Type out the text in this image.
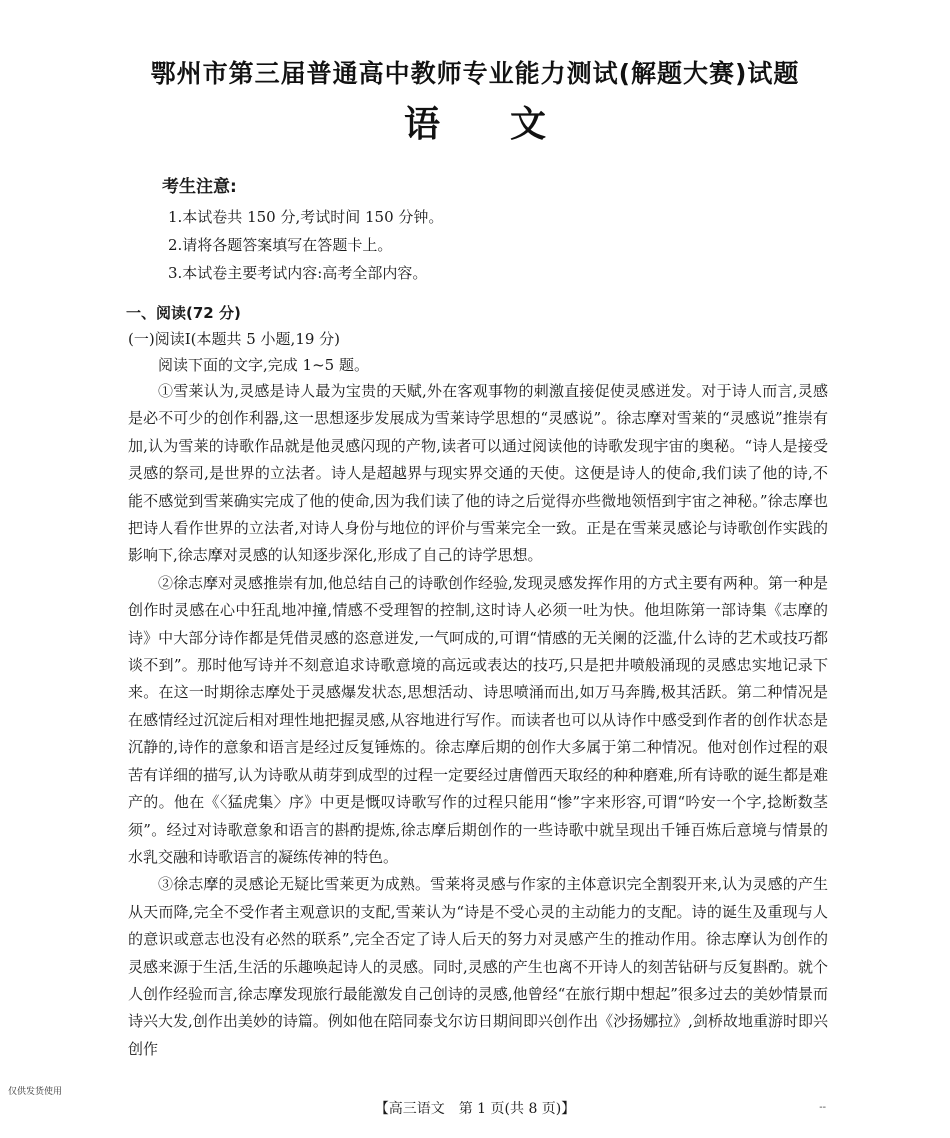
鄂州市第三届普通高中教师专业能力测试(解题大赛)试题
语文
考生注意:
1.本试卷共 150 分,考试时间 150 分钟。
2.请将各题答案填写在答题卡上。
3.本试卷主要考试内容:高考全部内容。
一、阅读(72 分)
(一)阅读Ⅰ(本题共 5 小题,19 分)
阅读下面的文字,完成 1~5 题。

①雪莱认为,灵感是诗人最为宝贵的天赋,外在客观事物的刺激直接促使灵感迸发。对于诗人而言,灵感是必不可少的创作利器,这一思想逐步发展成为雪莱诗学思想的“灵感说”。徐志摩对雪莱的“灵感说”推崇有加,认为雪莱的诗歌作品就是他灵感闪现的产物,读者可以通过阅读他的诗歌发现宇宙的奥秘。“诗人是接受灵感的祭司,是世界的立法者。诗人是超越界与现实界交通的天使。这便是诗人的使命,我们读了他的诗,不能不感觉到雪莱确实完成了他的使命,因为我们读了他的诗之后觉得亦些微地领悟到宇宙之神秘。”徐志摩也把诗人看作世界的立法者,对诗人身份与地位的评价与雪莱完全一致。正是在雪莱灵感论与诗歌创作实践的影响下,徐志摩对灵感的认知逐步深化,形成了自己的诗学思想。

②徐志摩对灵感推崇有加,他总结自己的诗歌创作经验,发现灵感发挥作用的方式主要有两种。第一种是创作时灵感在心中狂乱地冲撞,情感不受理智的控制,这时诗人必须一吐为快。他坦陈第一部诗集《志摩的诗》中大部分诗作都是凭借灵感的恣意迸发,一气呵成的,可谓“情感的无关阑的泛滥,什么诗的艺术或技巧都谈不到”。那时他写诗并不刻意追求诗歌意境的高远或表达的技巧,只是把井喷般涌现的灵感忠实地记录下来。在这一时期徐志摩处于灵感爆发状态,思想活动、诗思喷涌而出,如万马奔腾,极其活跃。第二种情况是在感情经过沉淀后相对理性地把握灵感,从容地进行写作。而读者也可以从诗作中感受到作者的创作状态是沉静的,诗作的意象和语言是经过反复锤炼的。徐志摩后期的创作大多属于第二种情况。他对创作过程的艰苦有详细的描写,认为诗歌从萌芽到成型的过程一定要经过唐僧西天取经的种种磨难,所有诗歌的诞生都是难产的。他在《〈猛虎集〉序》中更是慨叹诗歌写作的过程只能用“惨”字来形容,可谓“吟安一个字,捻断数茎须”。经过对诗歌意象和语言的斟酌提炼,徐志摩后期创作的一些诗歌中就呈现出千锤百炼后意境与情景的水乳交融和诗歌语言的凝练传神的特色。

③徐志摩的灵感论无疑比雪莱更为成熟。雪莱将灵感与作家的主体意识完全割裂开来,认为灵感的产生从天而降,完全不受作者主观意识的支配,雪莱认为“诗是不受心灵的主动能力的支配。诗的诞生及重现与人的意识或意志也没有必然的联系”,完全否定了诗人后天的努力对灵感产生的推动作用。徐志摩认为创作的灵感来源于生活,生活的乐趣唤起诗人的灵感。同时,灵感的产生也离不开诗人的刻苦钻研与反复斟酌。就个人创作经验而言,徐志摩发现旅行最能激发自己创诗的灵感,他曾经“在旅行期中想起”很多过去的美妙情景而诗兴大发,创作出美妙的诗篇。例如他在陪同泰戈尔访日期间即兴创作出《沙扬娜拉》,剑桥故地重游时即兴创作

仅供发货使用
【高三语文　第 1 页(共 8 页)】	--
